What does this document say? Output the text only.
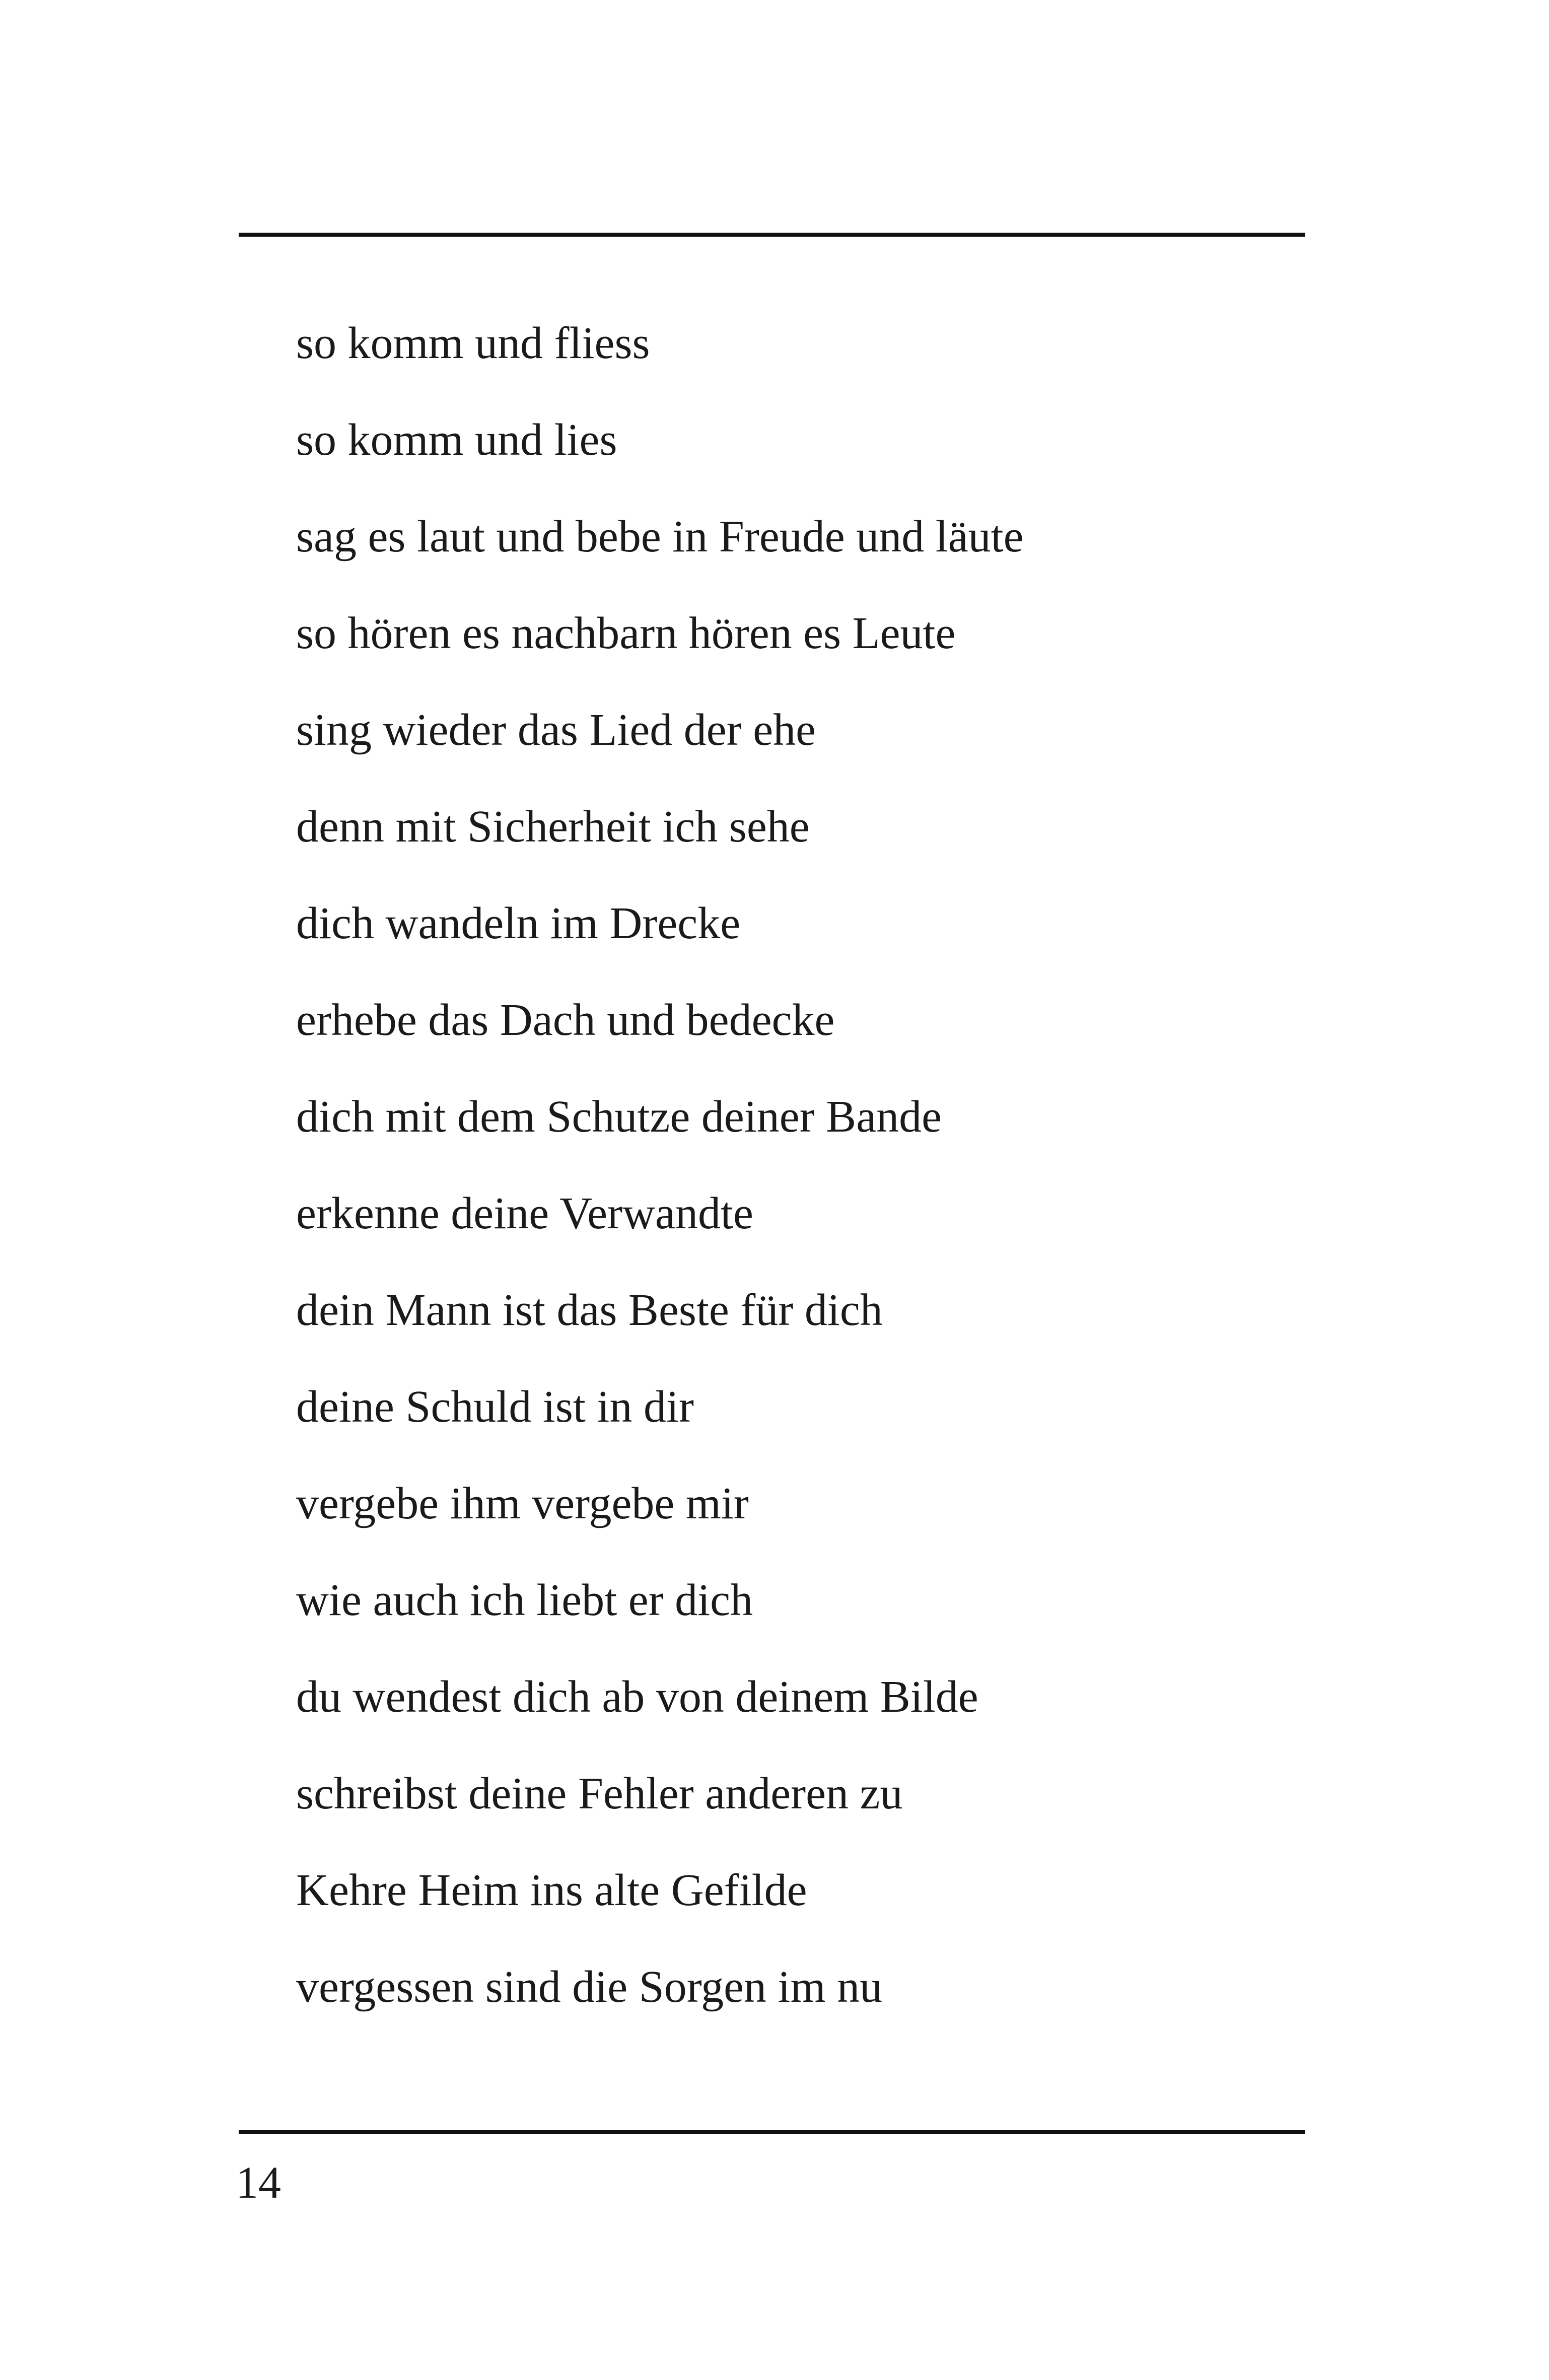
so komm und fliess
so komm und lies
sag es laut und bebe in Freude und läute
so hören es nachbarn hören es Leute
sing wieder das Lied der ehe
denn mit Sicherheit ich sehe
dich wandeln im Drecke
erhebe das Dach und bedecke
dich mit dem Schutze deiner Bande
erkenne deine Verwandte
dein Mann ist das Beste für dich
deine Schuld ist in dir
vergebe ihm vergebe mir
wie auch ich liebt er dich
du wendest dich ab von deinem Bilde
schreibst deine Fehler anderen zu
Kehre Heim ins alte Gefilde
vergessen sind die Sorgen im nu
14
